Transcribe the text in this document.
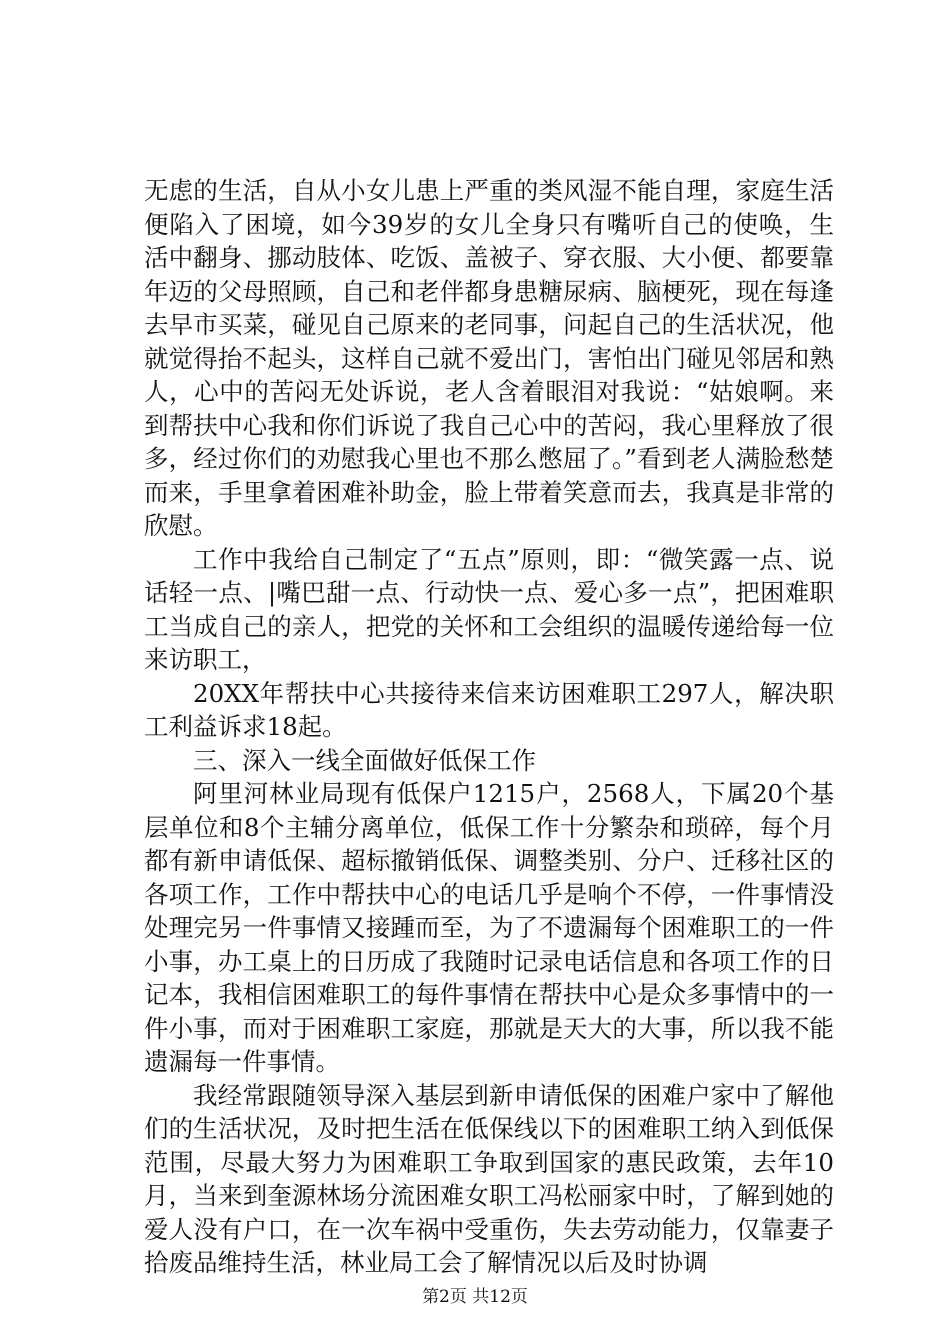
无虑的生活，自从小女儿患上严重的类风湿不能自理，家庭生活便陷入了困境，如今39岁的女儿全身只有嘴听自己的使唤，生活中翻身、挪动肢体、吃饭、盖被子、穿衣服、大小便、都要靠年迈的父母照顾，自己和老伴都身患糖尿病、脑梗死，现在每逢去早市买菜，碰见自己原来的老同事，问起自己的生活状况，他就觉得抬不起头，这样自己就不爱出门，害怕出门碰见邻居和熟人，心中的苦闷无处诉说，老人含着眼泪对我说：“姑娘啊。来到帮扶中心我和你们诉说了我自己心中的苦闷，我心里释放了很多，经过你们的劝慰我心里也不那么憋屈了。”看到老人满脸愁楚而来，手里拿着困难补助金，脸上带着笑意而去，我真是非常的欣慰。

工作中我给自己制定了“五点”原则，即：“微笑露一点、说话轻一点、|嘴巴甜一点、行动快一点、爱心多一点”，把困难职工当成自己的亲人，把党的关怀和工会组织的温暖传递给每一位来访职工，

20XX年帮扶中心共接待来信来访困难职工297人，解决职工利益诉求18起。

三、深入一线全面做好低保工作

阿里河林业局现有低保户1215户，2568人，下属20个基层单位和8个主辅分离单位，低保工作十分繁杂和琐碎，每个月都有新申请低保、超标撤销低保、调整类别、分户、迁移社区的各项工作，工作中帮扶中心的电话几乎是响个不停，一件事情没处理完另一件事情又接踵而至，为了不遗漏每个困难职工的一件小事，办工桌上的日历成了我随时记录电话信息和各项工作的日记本，我相信困难职工的每件事情在帮扶中心是众多事情中的一件小事，而对于困难职工家庭，那就是天大的大事，所以我不能遗漏每一件事情。

我经常跟随领导深入基层到新申请低保的困难户家中了解他们的生活状况，及时把生活在低保线以下的困难职工纳入到低保范围，尽最大努力为困难职工争取到国家的惠民政策，去年10月，当来到奎源林场分流困难女职工冯松丽家中时，了解到她的爱人没有户口，在一次车祸中受重伤，失去劳动能力，仅靠妻子拾废品维持生活，林业局工会了解情况以后及时协调

第2页 共12页
